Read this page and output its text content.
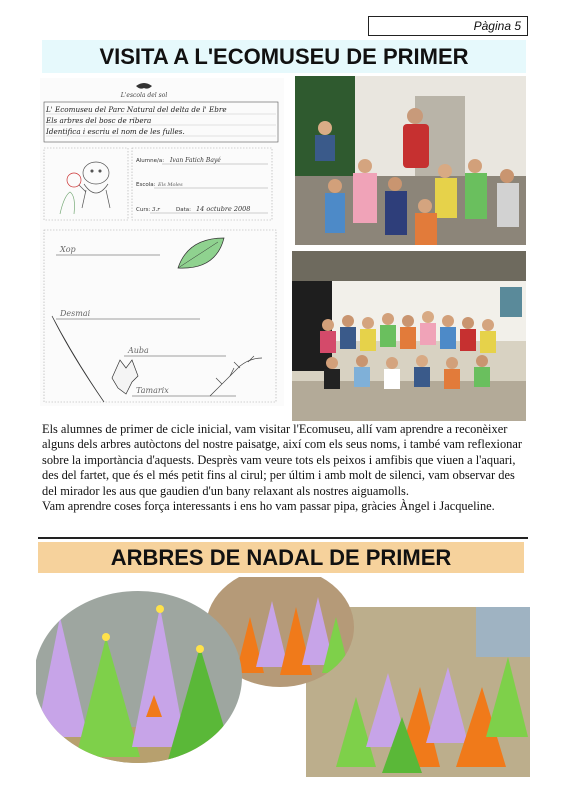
Pàgina 5
VISITA A L'ECOMUSEU DE PRIMER
L'escola del sol
L' Ecomuseu del Parc Natural del delta de l' Ebre
Els arbres del bosc de ribera
Identifica i escriu el nom de les fulles.
Alumne/a: Ivan Fatich Bayé
Escola: Els Moles
Curs: 3.r	Data: 14 octubre 2008
Xop
Desmai
Auba
Tamarix

Els alumnes de primer de cicle inicial, vam visitar l'Ecomuseu, allí vam aprendre a reconèixer alguns dels arbres autòctons del nostre paisatge, així com els seus noms, i també vam reflexionar sobre la importància d'aquests. Desprès vam veure tots els peixos i amfibis que viuen a l'aquari, des del fartet, que és el més petit fins al cirul; per últim i amb molt de silenci, vam observar des del mirador les aus que gaudien d'un bany relaxant als nostres aiguamolls.

Vam aprendre coses força interessants i ens ho vam passar pipa, gràcies Àngel i Jacqueline.

ARBRES DE NADAL DE PRIMER
